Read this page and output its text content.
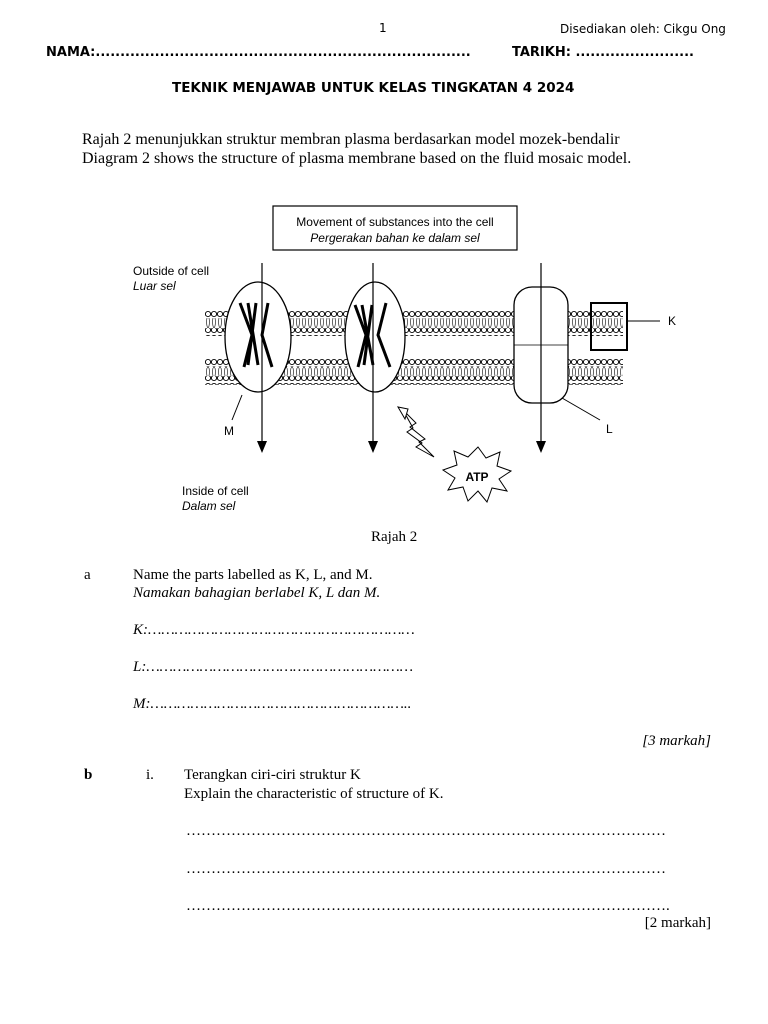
1	Disediakan oleh: Cikgu Ong
NAMA:............................................................................	TARIKH: ........................
TEKNIK MENJAWAB UNTUK KELAS TINGKATAN 4 2024
Rajah 2 menunjukkan struktur membran plasma berdasarkan model mozek-bendalir
Diagram 2 shows the structure of plasma membrane based on the fluid mosaic model.
Movement of substances into the cell
Pergerakan bahan ke dalam sel
Outside of cell
Luar sel
Inside of cell
Dalam sel
K
L
M
ATP
Rajah 2
a	Name the parts labelled as K, L, and M.
Namakan bahagian berlabel K, L dan M.
K:……………………………………………………
L:……………………………………………………
M:…………………………………………………..
[3 markah]
b	i. Terangkan ciri-ciri struktur K
Explain the characteristic of structure of K.
……………………………………………………………………………………
……………………………………………………………………………………
…………………………………………………………………………………….
[2 markah]
